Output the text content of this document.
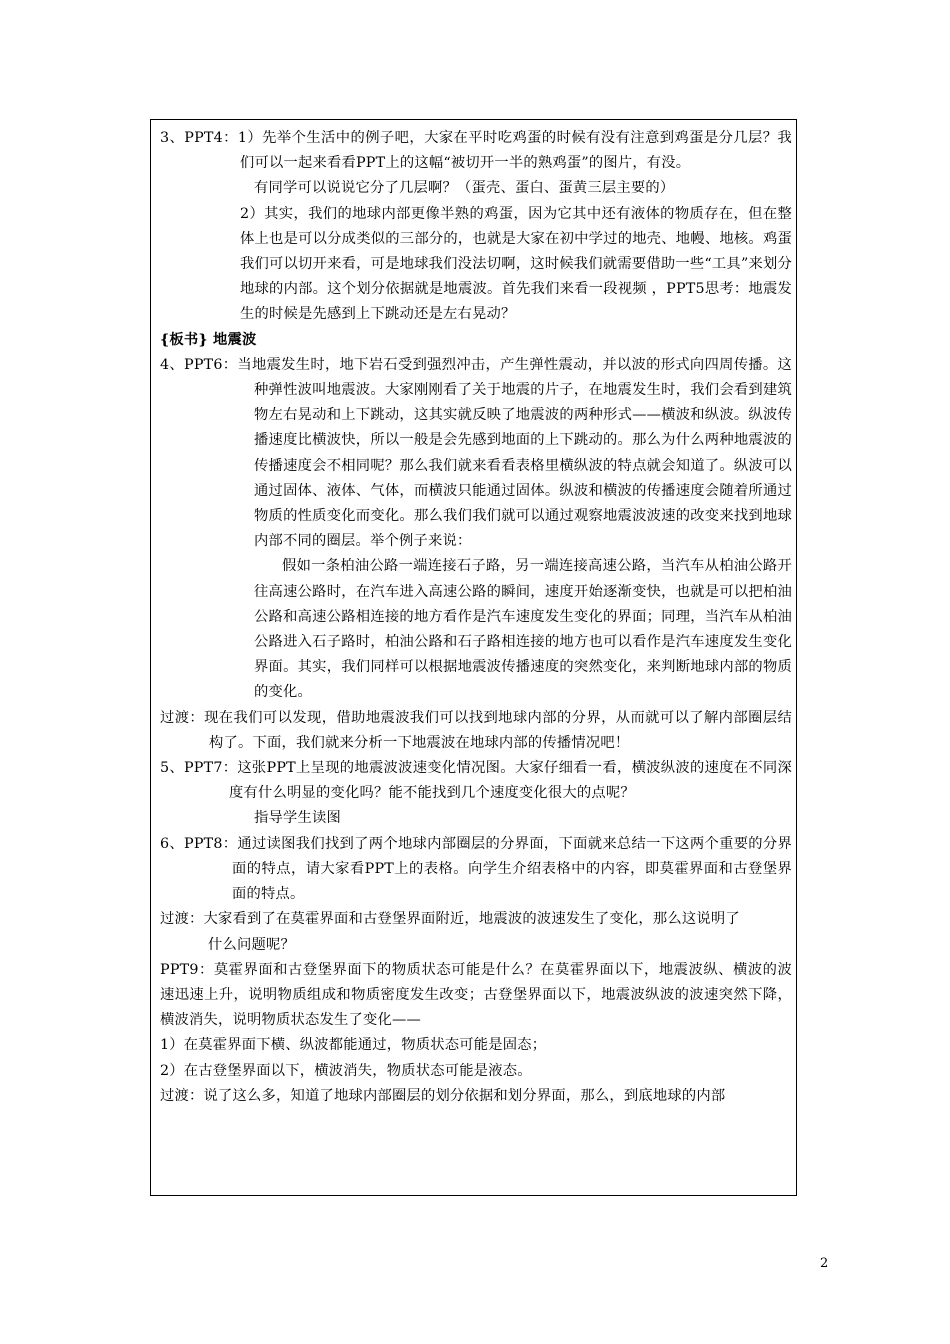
3、PPT4：1）先举个生活中的例子吧，大家在平时吃鸡蛋的时候有没有注意到鸡蛋是分几层？我们可以一起来看看PPT上的这幅“被切开一半的熟鸡蛋”的图片，有没。

有同学可以说说它分了几层啊？（蛋壳、蛋白、蛋黄三层主要的）

2）其实，我们的地球内部更像半熟的鸡蛋，因为它其中还有液体的物质存在，但在整体上也是可以分成类似的三部分的，也就是大家在初中学过的地壳、地幔、地核。鸡蛋我们可以切开来看，可是地球我们没法切啊，这时候我们就需要借助一些“工具”来划分地球的内部。这个划分依据就是地震波。首先我们来看一段视频 ，PPT5思考：地震发生的时候是先感到上下跳动还是左右晃动？

{板书} 地震波

4、PPT6：当地震发生时，地下岩石受到强烈冲击，产生弹性震动，并以波的形式向四周传播。这种弹性波叫地震波。大家刚刚看了关于地震的片子，在地震发生时，我们会看到建筑物左右晃动和上下跳动，这其实就反映了地震波的两种形式——横波和纵波。纵波传播速度比横波快，所以一般是会先感到地面的上下跳动的。那么为什么两种地震波的传播速度会不相同呢？那么我们就来看看表格里横纵波的特点就会知道了。纵波可以通过固体、液体、气体，而横波只能通过固体。纵波和横波的传播速度会随着所通过物质的性质变化而变化。那么我们我们就可以通过观察地震波波速的改变来找到地球内部不同的圈层。举个例子来说：

假如一条柏油公路一端连接石子路，另一端连接高速公路，当汽车从柏油公路开往高速公路时，在汽车进入高速公路的瞬间，速度开始逐渐变快，也就是可以把柏油公路和高速公路相连接的地方看作是汽车速度发生变化的界面；同理，当汽车从柏油公路进入石子路时，柏油公路和石子路相连接的地方也可以看作是汽车速度发生变化界面。其实，我们同样可以根据地震波传播速度的突然变化，来判断地球内部的物质的变化。

过渡：现在我们可以发现，借助地震波我们可以找到地球内部的分界，从而就可以了解内部圈层结构了。下面，我们就来分析一下地震波在地球内部的传播情况吧！

5、PPT7：这张PPT上呈现的地震波波速变化情况图。大家仔细看一看，横波纵波的速度在不同深度有什么明显的变化吗？能不能找到几个速度变化很大的点呢？

指导学生读图

6、PPT8：通过读图我们找到了两个地球内部圈层的分界面，下面就来总结一下这两个重要的分界面的特点，请大家看PPT上的表格。向学生介绍表格中的内容，即莫霍界面和古登堡界面的特点。

过渡：大家看到了在莫霍界面和古登堡界面附近，地震波的波速发生了变化，那么这说明了

什么问题呢？

PPT9：莫霍界面和古登堡界面下的物质状态可能是什么？在莫霍界面以下，地震波纵、横波的波速迅速上升，说明物质组成和物质密度发生改变；古登堡界面以下，地震波纵波的波速突然下降，横波消失，说明物质状态发生了变化——

1）在莫霍界面下横、纵波都能通过，物质状态可能是固态；

2）在古登堡界面以下，横波消失，物质状态可能是液态。

过渡：说了这么多，知道了地球内部圈层的划分依据和划分界面，那么，到底地球的内部

2
